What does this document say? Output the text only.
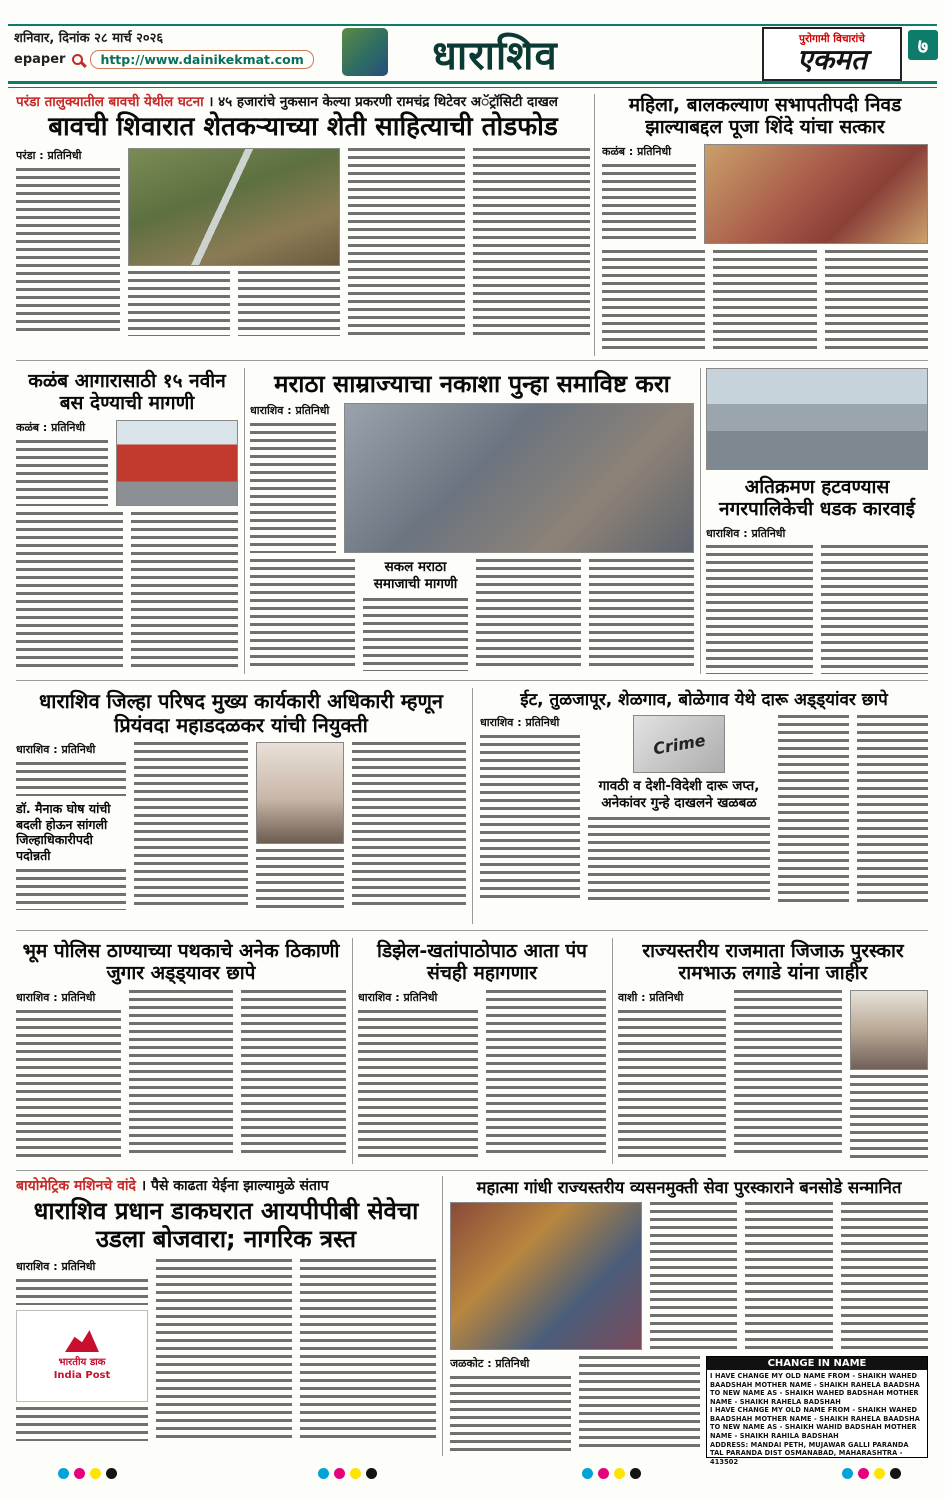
शनिवार, दिनांक २८ मार्च २०२६
epaper	http://www.dainikekmat.com	धाराशिव	पुरोगामी विचारांचे
एकमत	७
परंडा तालुक्यातील बावची येथील घटना । ४५ हजारांचे नुकसान केल्या प्रकरणी रामचंद्र थिटेवर अॅट्रॉसिटी दाखल
बावची शिवारात शेतकऱ्याच्या शेती साहित्याची तोडफोड
परंडा : प्रतिनिधी
महिला, बालकल्याण सभापतीपदी निवड झाल्याबद्दल पूजा शिंदे यांचा सत्कार
कळंब : प्रतिनिधी
कळंब आगारासाठी १५ नवीन बस देण्याची मागणी
कळंब : प्रतिनिधी
मराठा साम्राज्याचा नकाशा पुन्हा समाविष्ट करा
धाराशिव : प्रतिनिधी
सकल मराठा समाजाची मागणी
अतिक्रमण हटवण्यास नगरपालिकेची धडक कारवाई
धाराशिव : प्रतिनिधी
धाराशिव जिल्हा परिषद मुख्य कार्यकारी अधिकारी म्हणून प्रियंवदा महाडदळकर यांची नियुक्ती
धाराशिव : प्रतिनिधी
डॉ. मैनाक घोष यांची बदली होऊन सांगली जिल्हाधिकारीपदी पदोन्नती
ईट, तुळजापूर, शेळगाव, बोळेगाव येथे दारू अड्ड्यांवर छापे
धाराशिव : प्रतिनिधी
Crime
गावठी व देशी-विदेशी दारू जप्त, अनेकांवर गुन्हे दाखलने खळबळ
भूम पोलिस ठाण्याच्या पथकाचे अनेक ठिकाणी जुगार अड्ड्यावर छापे
धाराशिव : प्रतिनिधी
डिझेल-खतांपाठोपाठ आता पंप संचही महागणार
धाराशिव : प्रतिनिधी
राज्यस्तरीय राजमाता जिजाऊ पुरस्कार रामभाऊ लगाडे यांना जाहीर
वाशी : प्रतिनिधी
बायोमेट्रिक मशिनचे वांदे । पैसे काढता येईना झाल्यामुळे संताप
धाराशिव प्रधान डाकघरात आयपीपीबी सेवेचा उडला बोजवारा; नागरिक त्रस्त
धाराशिव : प्रतिनिधी
भारतीय डाक
India Post
महात्मा गांधी राज्यस्तरीय व्यसनमुक्ती सेवा पुरस्काराने बनसोडे सन्मानित
जळकोट : प्रतिनिधी	CHANGE IN NAME

I HAVE CHANGE MY OLD NAME FROM - SHAIKH WAHED BAADSHAH MOTHER NAME - SHAIKH RAHELA BAADSHA TO NEW NAME AS - SHAIKH WAHED BADSHAH MOTHER NAME - SHAIKH RAHELA BADSHAH

I HAVE CHANGE MY OLD NAME FROM - SHAIKH WAHED BAADSHAH MOTHER NAME - SHAIKH RAHELA BAADSHA TO NEW NAME AS - SHAIKH WAHID BADSHAH MOTHER NAME - SHAIKH RAHILA BADSHAH

ADDRESS: MANDAI PETH, MUJAWAR GALLI PARANDA TAL PARANDA DIST OSMANABAD, MAHARASHTRA - 413502
